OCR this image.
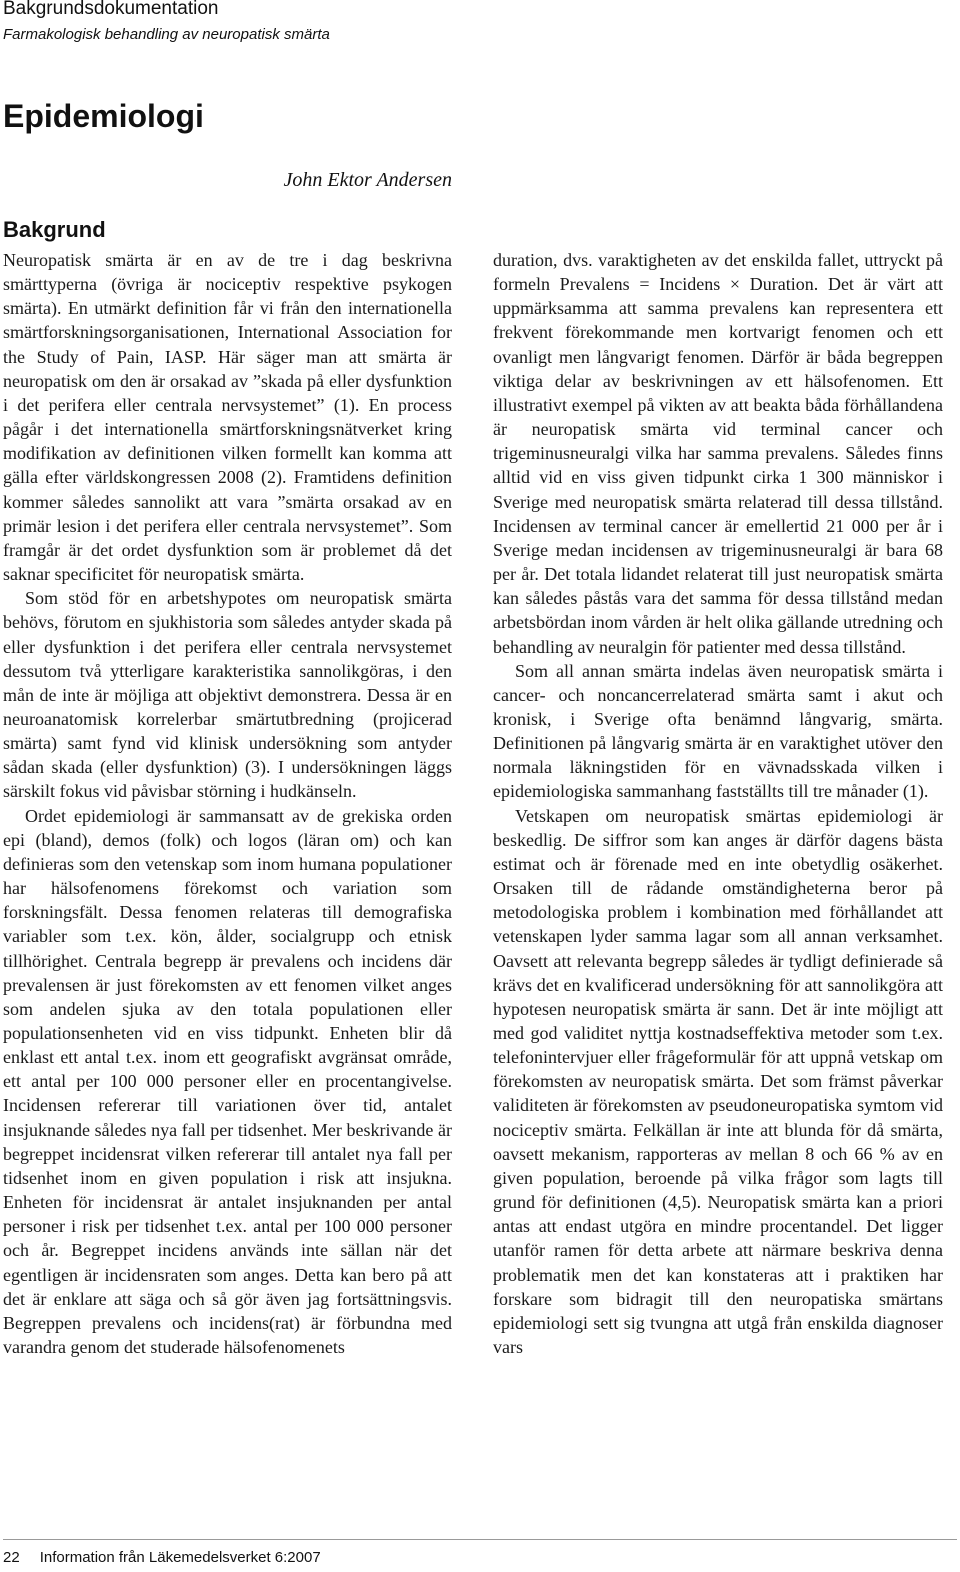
Bakgrundsdokumentation
Farmakologisk behandling av neuropatisk smärta
Epidemiologi
John Ektor Andersen
Bakgrund

Neuropatisk smärta är en av de tre i dag beskrivna smärttyperna (övriga är nociceptiv respektive psykogen smärta). En utmärkt definition får vi från den internationella smärtforskningsorganisationen, International Association for the Study of Pain, IASP. Här säger man att smärta är neuropatisk om den är orsakad av ”skada på eller dysfunktion i det perifera eller centrala nervsystemet” (1). En process pågår i det internationella smärtforskningsnätverket kring modifikation av definitionen vilken formellt kan komma att gälla efter världskongressen 2008 (2). Framtidens definition kommer således sannolikt att vara ”smärta orsakad av en primär lesion i det perifera eller centrala nervsystemet”. Som framgår är det ordet dysfunktion som är problemet då det saknar specificitet för neuropatisk smärta.

Som stöd för en arbetshypotes om neuropatisk smärta behövs, förutom en sjukhistoria som således antyder skada på eller dysfunktion i det perifera eller centrala nervsystemet dessutom två ytterligare karakteristika sannolikgöras, i den mån de inte är möjliga att objektivt demonstrera. Dessa är en neuroanatomisk korrelerbar smärtutbredning (projicerad smärta) samt fynd vid klinisk undersökning som antyder sådan skada (eller dysfunktion) (3). I undersökningen läggs särskilt fokus vid påvisbar störning i hudkänseln.

Ordet epidemiologi är sammansatt av de grekiska orden epi (bland), demos (folk) och logos (läran om) och kan definieras som den vetenskap som inom humana populationer har hälsofenomens förekomst och variation som forskningsfält. Dessa fenomen relateras till demografiska variabler som t.ex. kön, ålder, socialgrupp och etnisk tillhörighet. Centrala begrepp är prevalens och incidens där prevalensen är just förekomsten av ett fenomen vilket anges som andelen sjuka av den totala populationen eller populationsenheten vid en viss tidpunkt. Enheten blir då enklast ett antal t.ex. inom ett geografiskt avgränsat område, ett antal per 100 000 personer eller en procentangivelse. Incidensen refererar till variationen över tid, antalet insjuknande således nya fall per tidsenhet. Mer beskrivande är begreppet incidensrat vilken refererar till antalet nya fall per tidsenhet inom en given population i risk att insjukna. Enheten för incidensrat är antalet insjuknanden per antal personer i risk per tidsenhet t.ex. antal per 100 000 personer och år. Begreppet incidens används inte sällan när det egentligen är incidensraten som anges. Detta kan bero på att det är enklare att säga och så gör även jag fortsättningsvis. Begreppen prevalens och incidens(rat) är förbundna med varandra genom det studerade hälsofenomenets

duration, dvs. varaktigheten av det enskilda fallet, uttryckt på formeln Prevalens = Incidens × Duration. Det är värt att uppmärksamma att samma prevalens kan representera ett frekvent förekommande men kortvarigt fenomen och ett ovanligt men långvarigt fenomen. Därför är båda begreppen viktiga delar av beskrivningen av ett hälsofenomen. Ett illustrativt exempel på vikten av att beakta båda förhållandena är neuropatisk smärta vid terminal cancer och trigeminusneuralgi vilka har samma prevalens. Således finns alltid vid en viss given tidpunkt cirka 1 300 människor i Sverige med neuropatisk smärta relaterad till dessa tillstånd. Incidensen av terminal cancer är emellertid 21 000 per år i Sverige medan incidensen av trigeminusneuralgi är bara 68 per år. Det totala lidandet relaterat till just neuropatisk smärta kan således påstås vara det samma för dessa tillstånd medan arbetsbördan inom vården är helt olika gällande utredning och behandling av neuralgin för patienter med dessa tillstånd.

Som all annan smärta indelas även neuropatisk smärta i cancer- och noncancerrelaterad smärta samt i akut och kronisk, i Sverige ofta benämnd långvarig, smärta. Definitionen på långvarig smärta är en varaktighet utöver den normala läkningstiden för en vävnadsskada vilken i epidemiologiska sammanhang fastställts till tre månader (1).

Vetskapen om neuropatisk smärtas epidemiologi är beskedlig. De siffror som kan anges är därför dagens bästa estimat och är förenade med en inte obetydlig osäkerhet. Orsaken till de rådande omständigheterna beror på metodologiska problem i kombination med förhållandet att vetenskapen lyder samma lagar som all annan verksamhet. Oavsett att relevanta begrepp således är tydligt definierade så krävs det en kvalificerad undersökning för att sannolikgöra att hypotesen neuropatisk smärta är sann. Det är inte möjligt att med god validitet nyttja kostnadseffektiva metoder som t.ex. telefonintervjuer eller frågeformulär för att uppnå vetskap om förekomsten av neuropatisk smärta. Det som främst påverkar validiteten är förekomsten av pseudoneuropatiska symtom vid nociceptiv smärta. Felkällan är inte att blunda för då smärta, oavsett mekanism, rapporteras av mellan 8 och 66 % av en given population, beroende på vilka frågor som lagts till grund för definitionen (4,5). Neuropatisk smärta kan a priori antas att endast utgöra en mindre procentandel. Det ligger utanför ramen för detta arbete att närmare beskriva denna problematik men det kan konstateras att i praktiken har forskare som bidragit till den neuropatiska smärtans epidemiologi sett sig tvungna att utgå från enskilda diagnoser vars

22 Information från Läkemedelsverket 6:2007
